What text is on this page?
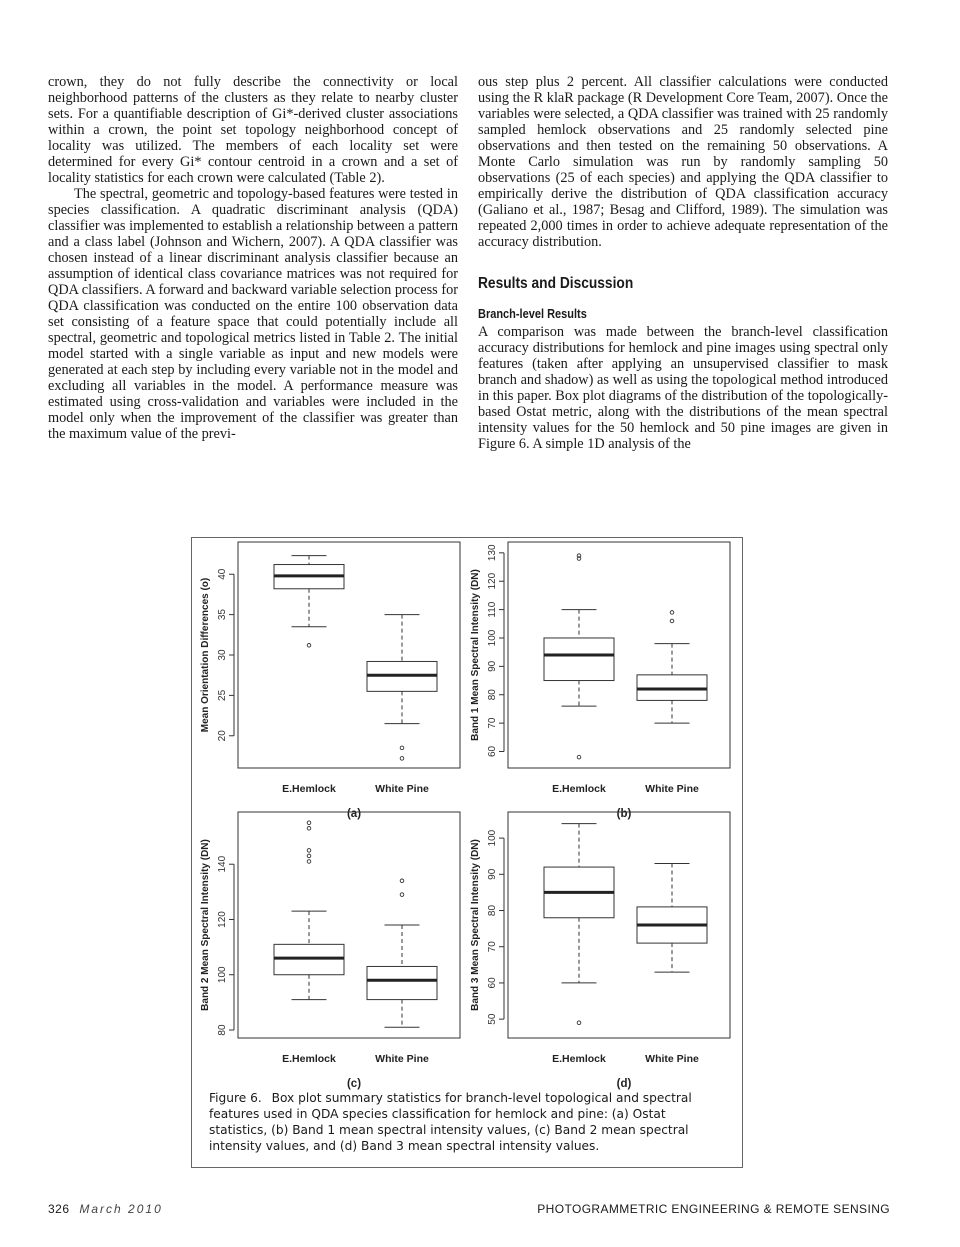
crown, they do not fully describe the connectivity or local neighborhood patterns of the clusters as they relate to nearby cluster sets. For a quantifiable description of Gi*-derived cluster associations within a crown, the point set topology neighborhood concept of locality was utilized. The members of each locality set were determined for every Gi* contour centroid in a crown and a set of locality statistics for each crown were calculated (Table 2).

The spectral, geometric and topology-based features were tested in species classification. A quadratic discriminant analysis (QDA) classifier was implemented to establish a relationship between a pattern and a class label (Johnson and Wichern, 2007). A QDA classifier was chosen instead of a linear discriminant analysis classifier because an assumption of identical class covariance matrices was not required for QDA classifiers. A forward and backward variable selection process for QDA classification was conducted on the entire 100 observation data set consisting of a feature space that could potentially include all spectral, geometric and topological metrics listed in Table 2. The initial model started with a single variable as input and new models were generated at each step by including every variable not in the model and excluding all variables in the model. A performance measure was estimated using cross-validation and variables were included in the model only when the improvement of the classifier was greater than the maximum value of the previ-

ous step plus 2 percent. All classifier calculations were conducted using the R klaR package (R Development Core Team, 2007). Once the variables were selected, a QDA classifier was trained with 25 randomly sampled hemlock observations and 25 randomly selected pine observations and then tested on the remaining 50 observations. A Monte Carlo simulation was run by randomly sampling 50 observations (25 of each species) and applying the QDA classifier to empirically derive the distribution of QDA classification accuracy (Galiano et al., 1987; Besag and Clifford, 1989). The simulation was repeated 2,000 times in order to achieve adequate representation of the accuracy distribution.

Results and Discussion
Branch-level Results

A comparison was made between the branch-level classification accuracy distributions for hemlock and pine images using spectral only features (taken after applying an unsupervised classifier to mask branch and shadow) as well as using the topological method introduced in this paper. Box plot diagrams of the distribution of the topologically-based Ostat metric, along with the distributions of the mean spectral intensity values for the 50 hemlock and 50 pine images are given in Figure 6. A simple 1D analysis of the

20
25
30
35
40
Mean Orientation Differences (o)
E.Hemlock	White Pine
(a)
60
70
80
90
100
110
120
130
Band 1 Mean Spectral Intensity (DN)
E.Hemlock	White Pine
(b)
80
100
120
140
Band 2 Mean Spectral Intensity (DN)
E.Hemlock	White Pine
(c)
50
60
70
80
90
100
Band 3 Mean Spectral Intensity (DN)
E.Hemlock	White Pine
(d)
Figure 6. Box plot summary statistics for branch-level topological and spectral features used in QDA species classification for hemlock and pine: (a) Ostat statistics, (b) Band 1 mean spectral intensity values, (c) Band 2 mean spectral intensity values, and (d) Band 3 mean spectral intensity values.
326 March 2010	PHOTOGRAMMETRIC ENGINEERING & REMOTE SENSING
